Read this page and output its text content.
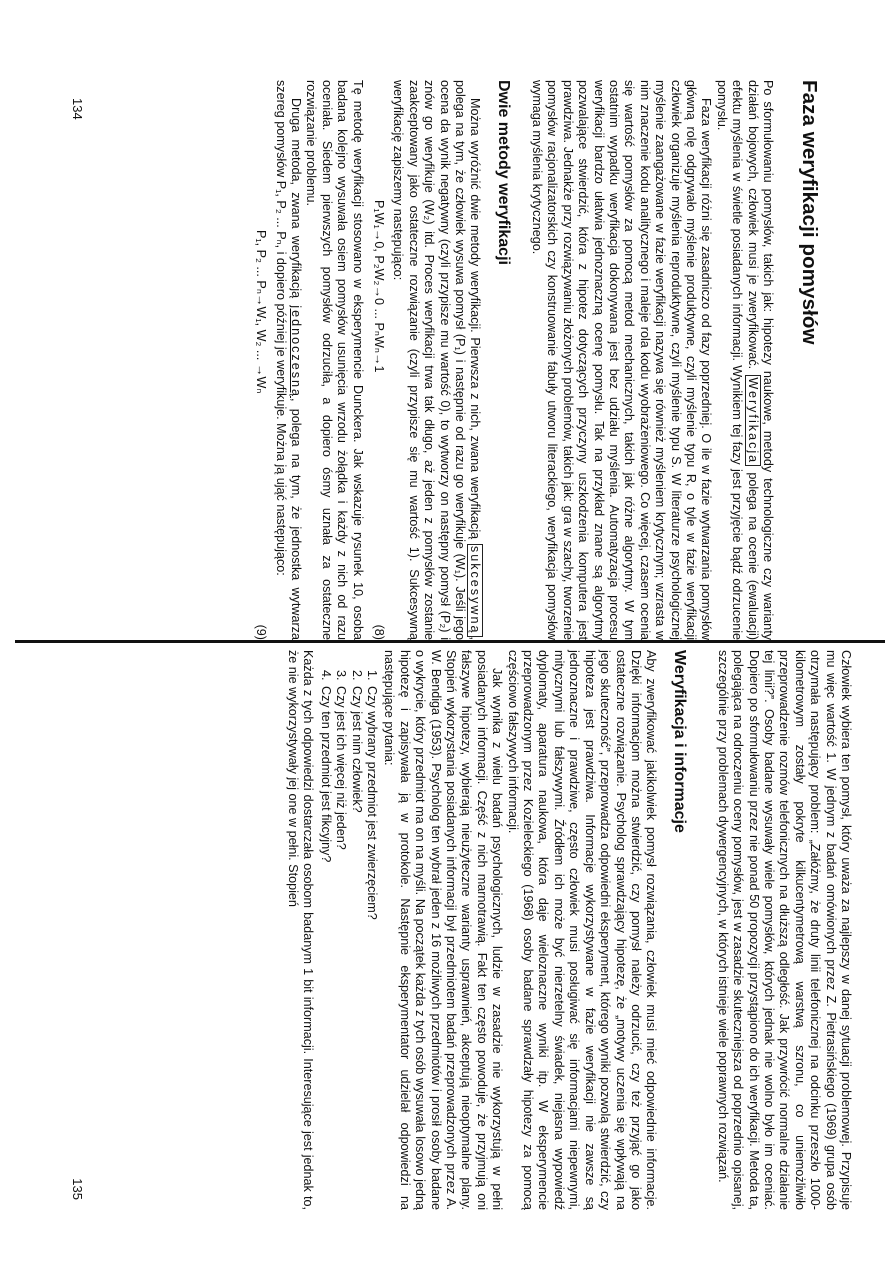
Faza weryfikacji pomysłów

Po sformułowaniu pomysłów, takich jak: hipotezy naukowe, metody technologiczne czy warianty działań bojowych, człowiek musi je zweryfikować. Weryfikacja polega na ocenie (ewaluacji) efektu myślenia w świetle posiadanych informacji. Wynikiem tej fazy jest przyjęcie bądź odrzucenie pomysłu.

Faza weryfikacji różni się zasadniczo od fazy poprzedniej. O ile w fazie wytwarzania pomysłów główną rolę odgrywało myślenie produktywne, czyli myślenie typu R, o tyle w fazie weryfikacji człowiek organizuje myślenia reproduktywne, czyli myślenie typu S. W literaturze psychologicznej myślenie zaangażowane w fazie weryfikacji nazywa się również myśleniem krytycznym; wzrasta w nim znaczenie kodu analitycznego i maleje rola kodu wyobrażeniowego. Co więcej, czasem ocenia się wartość pomysłów za pomocą metod mechanicznych, takich jak różne algorytmy. W tym ostatnim wypadku weryfikacja dokonywana jest bez udziału myślenia. Automatyzacja procesu weryfikacji bardzo ułatwia jednoznaczną ocenę pomysłu. Tak na przykład znane są algorytmy pozwalające stwierdzić, która z hipotez dotyczących przyczyny uszkodzenia komputera jest prawdziwa. Jednakże przy rozwiązywaniu złożonych problemów, takich jak: gra w szachy, tworzenie pomysłów racjonalizatorskich czy konstruowanie fabuły utworu literackiego, weryfikacja pomysłów wymaga myślenia krytycznego.

Dwie metody weryfikacji

Można wyróżnić dwie metody weryfikacji. Pierwsza z nich, zwana weryfikacją sukcesywną, polega na tym, że człowiek wysuwa pomysł (P₁) i następnie od razu go weryfikuje (W₁). Jeśli jego ocena da wynik negatywny (czyli przypisze mu wartość 0), to wytworzy on następny pomysł (P₂) i znów go weryfikuje (W₂) itd. Proces weryfikacji trwa tak długo, aż jeden z pomysłów zostanie zaakceptowany jako ostateczne rozwiązanie (czyli przypisze się mu wartość 1). Sukcesywną weryfikację zapiszemy następująco:

P₁W₁→0, P₂W₂→0 ... PₙWₙ→1
(8)

Tę metodę weryfikacji stosowano w eksperymencie Dunckera. Jak wskazuje rysunek 10, osoba badana kolejno wysuwała osiem pomysłów usunięcia wrzodu żołądka i każdy z nich od razu oceniała. Siedem pierwszych pomysłów odrzuciła, a dopiero ósmy uznała za ostateczne rozwiązanie problemu.

Druga metoda, zwana weryfikacją jednoczesną, polega na tym, że jednostka wytwarza szereg pomysłów P₁, P₂ ... Pₙ, i dopiero później je weryfikuje. Można ją ująć następująco:

P₁, P₂ ... Pₙ→W₁, W₂ ... →Wₙ
(9)
134

Człowiek wybiera ten pomysł, który uważa za najlepszy w danej sytuacji problemowej. Przypisuje mu więc wartość 1. W jednym z badań omówionych przez Z. Pietrasińskiego (1969) grupa osób otrzymała następujący problem: „Załóżmy, że druty linii telefonicznej na odcinku przeszło 1000-kilometrowym zostały pokryte kilkucentymetrową warstwą szronu, co uniemożliwiło przeprowadzenie rozmów telefonicznych na dłuższą odległość. Jak przywrócić normalne działanie tej linii?”. Osoby badane wysuwały wiele pomysłów, których jednak nie wolno było im oceniać. Dopiero po sformułowaniu przez nie ponad 50 propozycji przystąpiono do ich weryfikacji. Metoda ta, polegająca na odroczeniu oceny pomysłów, jest w zasadzie skuteczniejsza od poprzednio opisanej, szczególnie przy problemach dywergencyjnych, w których istnieje wiele poprawnych rozwiązań.

Weryfikacja i informacje

Aby zweryfikować jakikolwiek pomysł rozwiązania, człowiek musi mieć odpowiednie informacje. Dzięki informacjom można stwierdzić, czy pomysł należy odrzucić, czy też przyjąć go jako ostateczne rozwiązanie. Psycholog sprawdzający hipotezę, że „motywy uczenia się wpływają na jego skuteczność”, przeprowadza odpowiedni eksperyment, którego wyniki pozwolą stwierdzić, czy hipoteza jest prawdziwa. Informacje wykorzystywane w fazie weryfikacji nie zawsze są jednoznaczne i prawdziwe, często człowiek musi posługiwać się informacjami niepewnymi, mitycznymi lub fałszywymi. Źródłem ich może być nierzetelny świadek, niejasna wypowiedź dyplomaty, aparatura naukowa, która daje wieloznaczne wyniki itp. W eksperymencie przeprowadzonym przez Kozieleckiego (1968) osoby badane sprawdzały hipotezy za pomocą częściowo fałszywych informacji.

Jak wynika z wielu badań psychologicznych, ludzie w zasadzie nie wykorzystują w pełni posiadanych informacji. Część z nich marnotrawią. Fakt ten często powoduje, że przyjmują oni fałszywe hipotezy, wybierają nieużyteczne warianty usprawnień, akceptują nieoptymalne plany. Stopień wykorzystania posiadanych informacji był przedmiotem badań przeprowadzonych przez A. W. Bendiga (1953). Psycholog ten wybrał jeden z 16 możliwych przedmiotów i prosił osoby badane o wykrycie, który przedmiot ma on na myśli. Na początek każda z tych osób wysuwała losowo jedną hipotezę i zapisywała ją w protokole. Następnie eksperymentator udzielał odpowiedzi na następujące pytania:

1. Czy wybrany przedmiot jest zwierzęciem?
2. Czy jest nim człowiek?
3. Czy jest ich więcej niż jeden?
4. Czy ten przedmiot jest fikcyjny?

Każda z tych odpowiedzi dostarczała osobom badanym 1 bit informacji. Interesujące jest jednak to, że nie wykorzystywały jej one w pełni. Stopień

135
